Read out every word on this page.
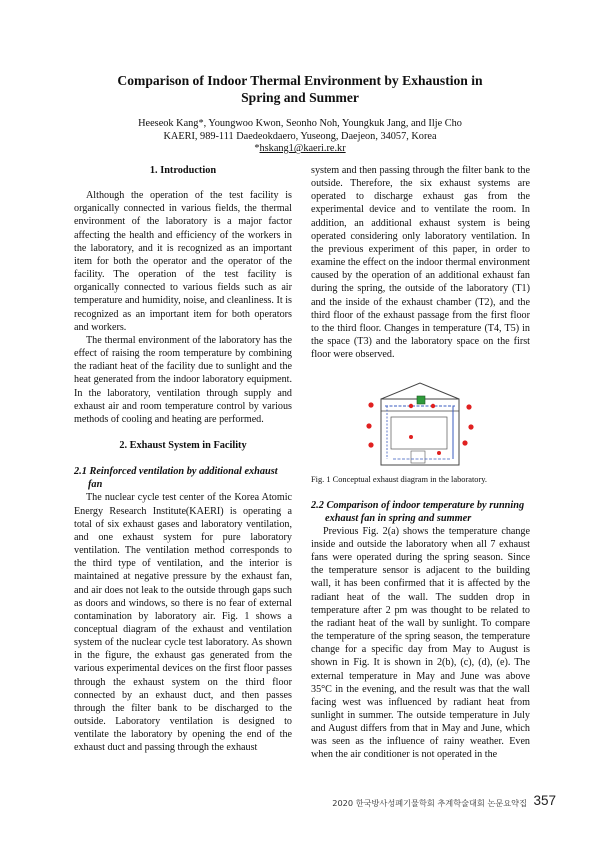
Comparison of Indoor Thermal Environment by Exhaustion in
Spring and Summer
Heeseok Kang*, Youngwoo Kwon, Seonho Noh, Youngkuk Jang, and Iljе Cho
KAERI, 989-111 Daedeokdaero, Yuseong, Daejeon, 34057, Korea
*hskang1@kaeri.re.kr
1. Introduction

Although the operation of the test facility is organically connected in various fields, the thermal environment of the laboratory is a major factor affecting the health and efficiency of the workers in the laboratory, and it is recognized as an important item for both the operator and the operator of the facility. The operation of the test facility is organically connected to various fields such as air temperature and humidity, noise, and cleanliness. It is recognized as an important item for both operators and workers.

The thermal environment of the laboratory has the effect of raising the room temperature by combining the radiant heat of the facility due to sunlight and the heat generated from the indoor laboratory equipment. In the laboratory, ventilation through supply and exhaust air and room temperature control by various methods of cooling and heating are performed.

2. Exhaust System in Facility
2.1 Reinforced ventilation by additional exhaust fan

The nuclear cycle test center of the Korea Atomic Energy Research Institute(KAERI) is operating a total of six exhaust gases and laboratory ventilation, and one exhaust system for pure laboratory ventilation. The ventilation method corresponds to the third type of ventilation, and the interior is maintained at negative pressure by the exhaust fan, and air does not leak to the outside through gaps such as doors and windows, so there is no fear of external contamination by laboratory air. Fig. 1 shows a conceptual diagram of the exhaust and ventilation system of the nuclear cycle test laboratory. As shown in the figure, the exhaust gas generated from the various experimental devices on the first floor passes through the exhaust system on the third floor connected by an exhaust duct, and then passes through the filter bank to be discharged to the outside. Laboratory ventilation is designed to ventilate the laboratory by opening the end of the exhaust duct and passing through the exhaust

system and then passing through the filter bank to the outside. Therefore, the six exhaust systems are operated to discharge exhaust gas from the experimental device and to ventilate the room. In addition, an additional exhaust system is being operated considering only laboratory ventilation. In the previous experiment of this paper, in order to examine the effect on the indoor thermal environment caused by the operation of an additional exhaust fan during the spring, the outside of the laboratory (T1) and the inside of the exhaust chamber (T2), and the third floor of the exhaust passage from the first floor to the third floor. Changes in temperature (T4, T5) in the space (T3) and the laboratory space on the first floor were observed.

Fig. 1 Conceptual exhaust diagram in the laboratory.

2.2 Comparison of indoor temperature by running exhaust fan in spring and summer

Previous Fig. 2(a) shows the temperature change inside and outside the laboratory when all 7 exhaust fans were operated during the spring season. Since the temperature sensor is adjacent to the building wall, it has been confirmed that it is affected by the radiant heat of the wall. The sudden drop in temperature after 2 pm was thought to be related to the radiant heat of the wall by sunlight. To compare the temperature of the spring season, the temperature change for a specific day from May to August is shown in Fig. It is shown in 2(b), (c), (d), (e). The external temperature in May and June was above 35°C in the evening, and the result was that the wall facing west was influenced by radiant heat from sunlight in summer. The outside temperature in July and August differs from that in May and June, which was seen as the influence of rainy weather. Even when the air conditioner is not operated in the

2020 한국방사성폐기물학회 추계학술대회 논문요약집 357
